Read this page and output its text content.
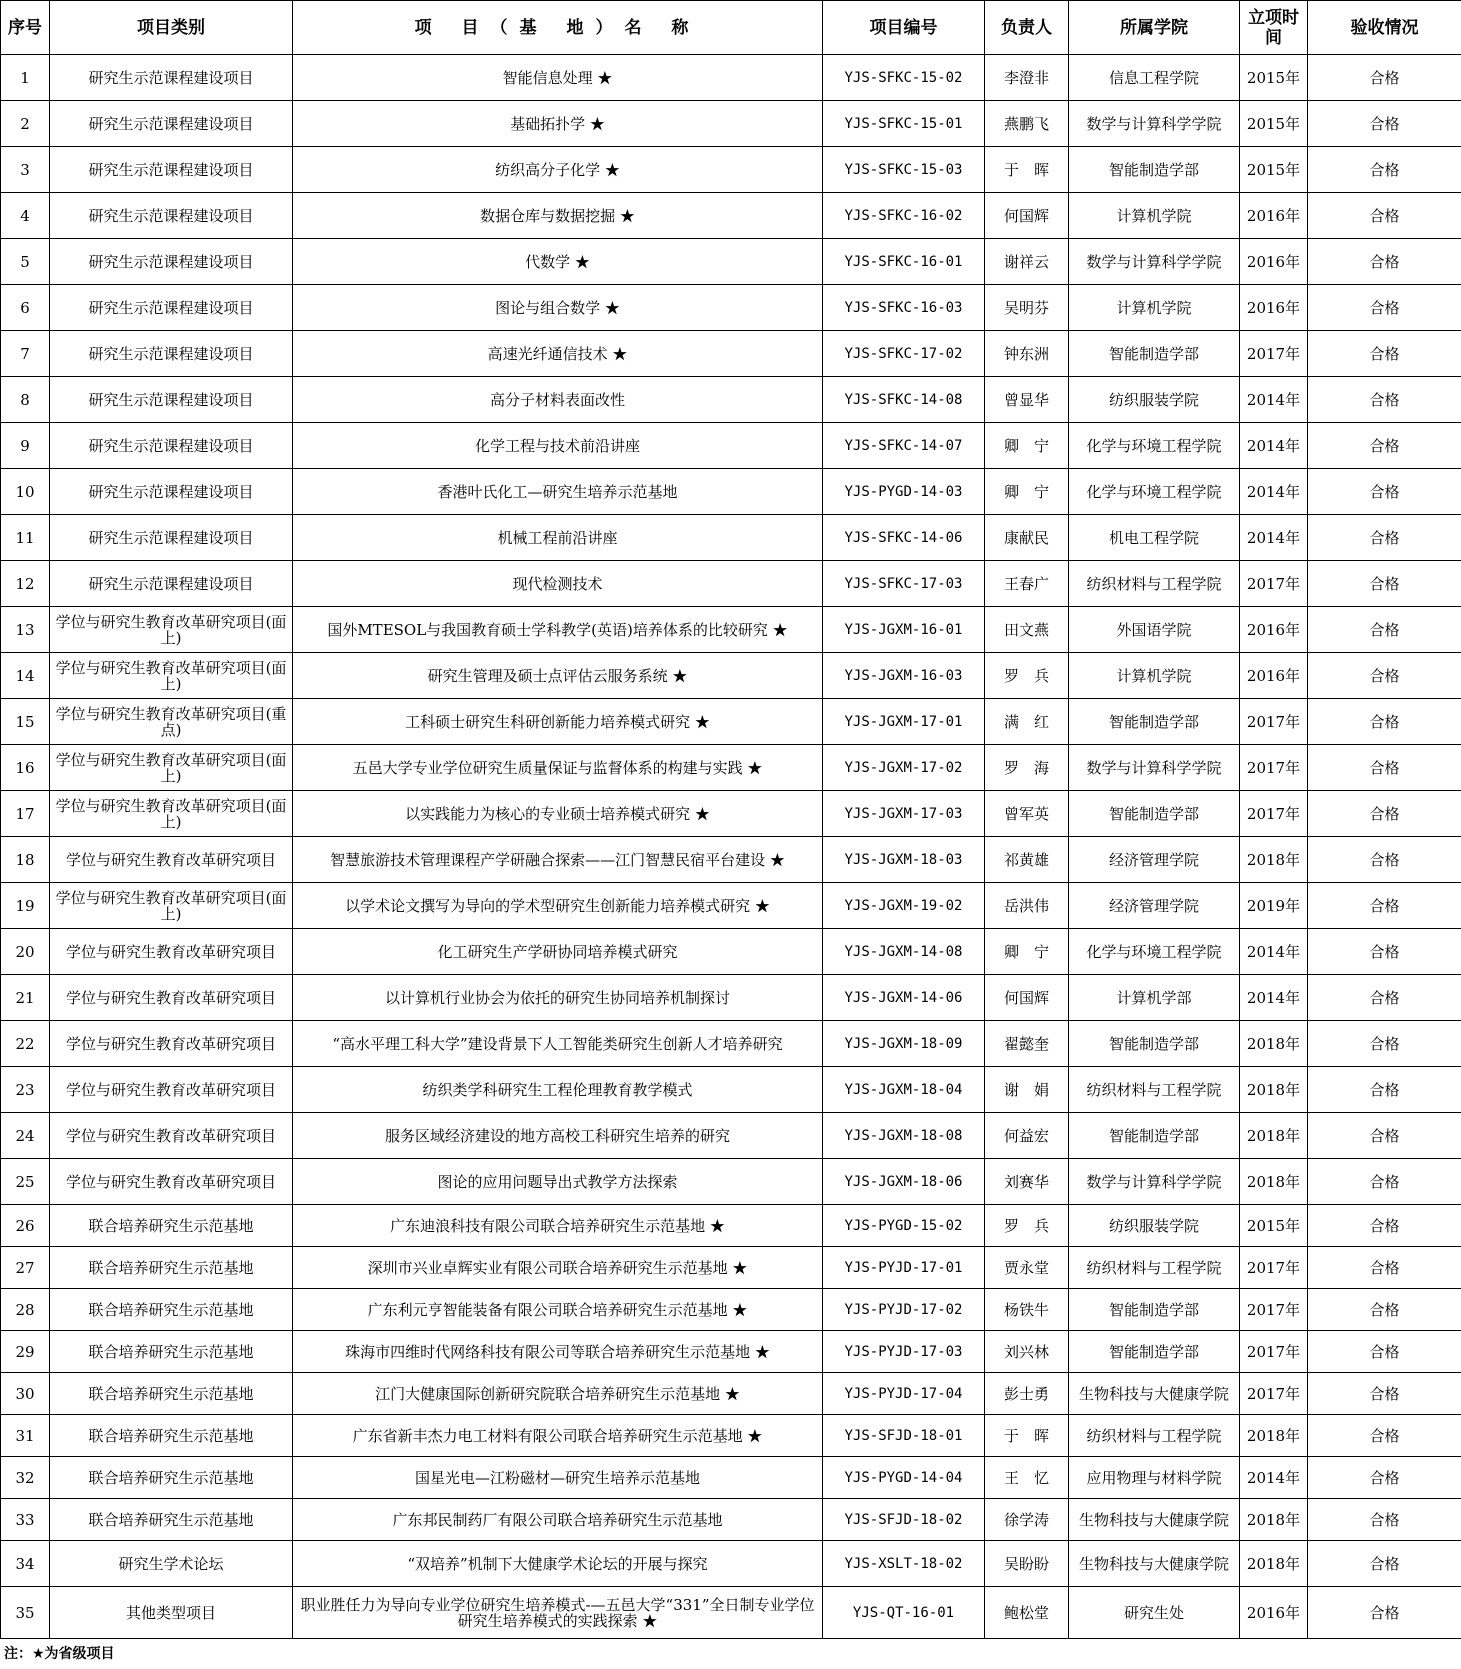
序号	项目类别	项 目（基 地）名 称	项目编号	负责人	所属学院	立项时间	验收情况
1	研究生示范课程建设项目	智能信息处理 ★	YJS-SFKC-15-02	李澄非	信息工程学院	2015年	合格
2	研究生示范课程建设项目	基础拓扑学 ★	YJS-SFKC-15-01	燕鹏飞	数学与计算科学学院	2015年	合格
3	研究生示范课程建设项目	纺织高分子化学 ★	YJS-SFKC-15-03	于　晖	智能制造学部	2015年	合格
4	研究生示范课程建设项目	数据仓库与数据挖掘 ★	YJS-SFKC-16-02	何国辉	计算机学院	2016年	合格
5	研究生示范课程建设项目	代数学 ★	YJS-SFKC-16-01	谢祥云	数学与计算科学学院	2016年	合格
6	研究生示范课程建设项目	图论与组合数学 ★	YJS-SFKC-16-03	吴明芬	计算机学院	2016年	合格
7	研究生示范课程建设项目	高速光纤通信技术 ★	YJS-SFKC-17-02	钟东洲	智能制造学部	2017年	合格
8	研究生示范课程建设项目	高分子材料表面改性	YJS-SFKC-14-08	曾显华	纺织服装学院	2014年	合格
9	研究生示范课程建设项目	化学工程与技术前沿讲座	YJS-SFKC-14-07	卿　宁	化学与环境工程学院	2014年	合格
10	研究生示范课程建设项目	香港叶氏化工—研究生培养示范基地	YJS-PYGD-14-03	卿　宁	化学与环境工程学院	2014年	合格
11	研究生示范课程建设项目	机械工程前沿讲座	YJS-SFKC-14-06	康献民	机电工程学院	2014年	合格
12	研究生示范课程建设项目	现代检测技术	YJS-SFKC-17-03	王春广	纺织材料与工程学院	2017年	合格
13	学位与研究生教育改革研究项目(面上)	国外MTESOL与我国教育硕士学科教学(英语)培养体系的比较研究 ★	YJS-JGXM-16-01	田文燕	外国语学院	2016年	合格
14	学位与研究生教育改革研究项目(面上)	研究生管理及硕士点评估云服务系统 ★	YJS-JGXM-16-03	罗　兵	计算机学院	2016年	合格
15	学位与研究生教育改革研究项目(重点)	工科硕士研究生科研创新能力培养模式研究 ★	YJS-JGXM-17-01	满　红	智能制造学部	2017年	合格
16	学位与研究生教育改革研究项目(面上)	五邑大学专业学位研究生质量保证与监督体系的构建与实践 ★	YJS-JGXM-17-02	罗　海	数学与计算科学学院	2017年	合格
17	学位与研究生教育改革研究项目(面上)	以实践能力为核心的专业硕士培养模式研究 ★	YJS-JGXM-17-03	曾军英	智能制造学部	2017年	合格
18	学位与研究生教育改革研究项目	智慧旅游技术管理课程产学研融合探索——江门智慧民宿平台建设 ★	YJS-JGXM-18-03	祁黄雄	经济管理学院	2018年	合格
19	学位与研究生教育改革研究项目(面上)	以学术论文撰写为导向的学术型研究生创新能力培养模式研究 ★	YJS-JGXM-19-02	岳洪伟	经济管理学院	2019年	合格
20	学位与研究生教育改革研究项目	化工研究生产学研协同培养模式研究	YJS-JGXM-14-08	卿　宁	化学与环境工程学院	2014年	合格
21	学位与研究生教育改革研究项目	以计算机行业协会为依托的研究生协同培养机制探讨	YJS-JGXM-14-06	何国辉	计算机学部	2014年	合格
22	学位与研究生教育改革研究项目	“高水平理工科大学”建设背景下人工智能类研究生创新人才培养研究	YJS-JGXM-18-09	翟懿奎	智能制造学部	2018年	合格
23	学位与研究生教育改革研究项目	纺织类学科研究生工程伦理教育教学模式	YJS-JGXM-18-04	谢　娟	纺织材料与工程学院	2018年	合格
24	学位与研究生教育改革研究项目	服务区域经济建设的地方高校工科研究生培养的研究	YJS-JGXM-18-08	何益宏	智能制造学部	2018年	合格
25	学位与研究生教育改革研究项目	图论的应用问题导出式教学方法探索	YJS-JGXM-18-06	刘赛华	数学与计算科学学院	2018年	合格
26	联合培养研究生示范基地	广东迪浪科技有限公司联合培养研究生示范基地 ★	YJS-PYGD-15-02	罗　兵	纺织服装学院	2015年	合格
27	联合培养研究生示范基地	深圳市兴业卓辉实业有限公司联合培养研究生示范基地 ★	YJS-PYJD-17-01	贾永堂	纺织材料与工程学院	2017年	合格
28	联合培养研究生示范基地	广东利元亨智能装备有限公司联合培养研究生示范基地 ★	YJS-PYJD-17-02	杨铁牛	智能制造学部	2017年	合格
29	联合培养研究生示范基地	珠海市四维时代网络科技有限公司等联合培养研究生示范基地 ★	YJS-PYJD-17-03	刘兴林	智能制造学部	2017年	合格
30	联合培养研究生示范基地	江门大健康国际创新研究院联合培养研究生示范基地 ★	YJS-PYJD-17-04	彭士勇	生物科技与大健康学院	2017年	合格
31	联合培养研究生示范基地	广东省新丰杰力电工材料有限公司联合培养研究生示范基地 ★	YJS-SFJD-18-01	于　晖	纺织材料与工程学院	2018年	合格
32	联合培养研究生示范基地	国星光电—江粉磁材—研究生培养示范基地	YJS-PYGD-14-04	王　忆	应用物理与材料学院	2014年	合格
33	联合培养研究生示范基地	广东邦民制药厂有限公司联合培养研究生示范基地	YJS-SFJD-18-02	徐学涛	生物科技与大健康学院	2018年	合格
34	研究生学术论坛	“双培养”机制下大健康学术论坛的开展与探究	YJS-XSLT-18-02	吴盼盼	生物科技与大健康学院	2018年	合格
35	其他类型项目	职业胜任力为导向专业学位研究生培养模式-—五邑大学“331”全日制专业学位研究生培养模式的实践探索 ★	YJS-QT-16-01	鲍松堂	研究生处	2016年	合格
注：★为省级项目
